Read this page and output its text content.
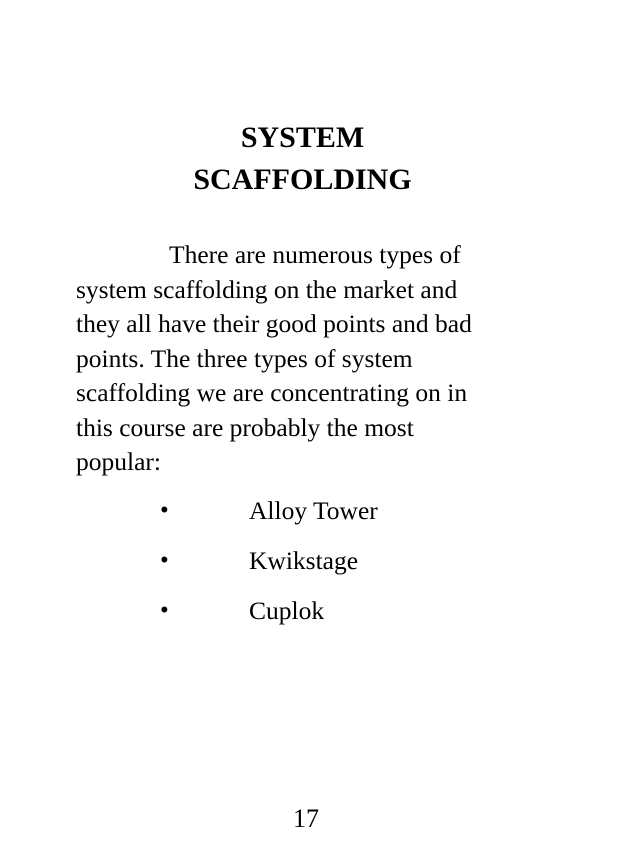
SYSTEM
SCAFFOLDING
There are numerous types of
system scaffolding on the market and
they all have their good points and bad
points. The three types of system
scaffolding we are concentrating on in
this course are probably the most
popular:
•	Alloy Tower
•	Kwikstage
•	Cuplok
17
